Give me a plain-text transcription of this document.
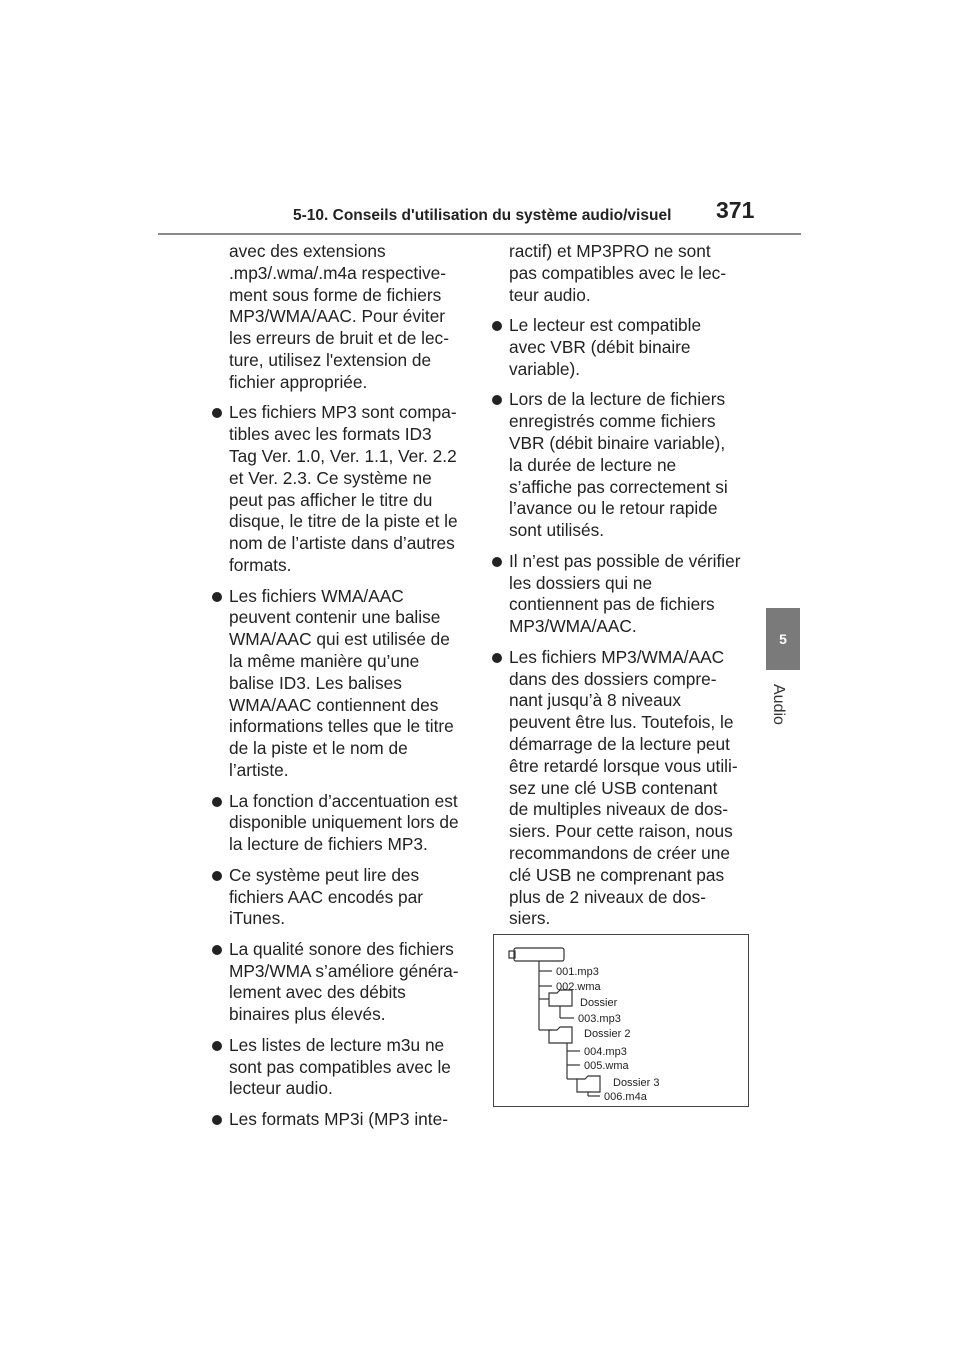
5-10. Conseils d'utilisation du système audio/visuel 371
5
Audio
avec des extensions
.mp3/.wma/.m4a respective-
ment sous forme de fichiers
MP3/WMA/AAC. Pour éviter
les erreurs de bruit et de lec-
ture, utilisez l'extension de
fichier appropriée.
Les fichiers MP3 sont compa-
tibles avec les formats ID3
Tag Ver. 1.0, Ver. 1.1, Ver. 2.2
et Ver. 2.3. Ce système ne
peut pas afficher le titre du
disque, le titre de la piste et le
nom de l’artiste dans d’autres
formats.
Les fichiers WMA/AAC
peuvent contenir une balise
WMA/AAC qui est utilisée de
la même manière qu’une
balise ID3. Les balises
WMA/AAC contiennent des
informations telles que le titre
de la piste et le nom de
l’artiste.
La fonction d’accentuation est
disponible uniquement lors de
la lecture de fichiers MP3.
Ce système peut lire des
fichiers AAC encodés par
iTunes.
La qualité sonore des fichiers
MP3/WMA s’améliore généra-
lement avec des débits
binaires plus élevés.
Les listes de lecture m3u ne
sont pas compatibles avec le
lecteur audio.
Les formats MP3i (MP3 inte-
ractif) et MP3PRO ne sont
pas compatibles avec le lec-
teur audio.
Le lecteur est compatible
avec VBR (débit binaire
variable).
Lors de la lecture de fichiers
enregistrés comme fichiers
VBR (débit binaire variable),
la durée de lecture ne
s’affiche pas correctement si
l’avance ou le retour rapide
sont utilisés.
Il n’est pas possible de vérifier
les dossiers qui ne
contiennent pas de fichiers
MP3/WMA/AAC.
Les fichiers MP3/WMA/AAC
dans des dossiers compre-
nant jusqu’à 8 niveaux
peuvent être lus. Toutefois, le
démarrage de la lecture peut
être retardé lorsque vous utili-
sez une clé USB contenant
de multiples niveaux de dos-
siers. Pour cette raison, nous
recommandons de créer une
clé USB ne comprenant pas
plus de 2 niveaux de dos-
siers.
001.mp3
002.wma
Dossier
003.mp3
Dossier 2
004.mp3
005.wma
Dossier 3
006.m4a
